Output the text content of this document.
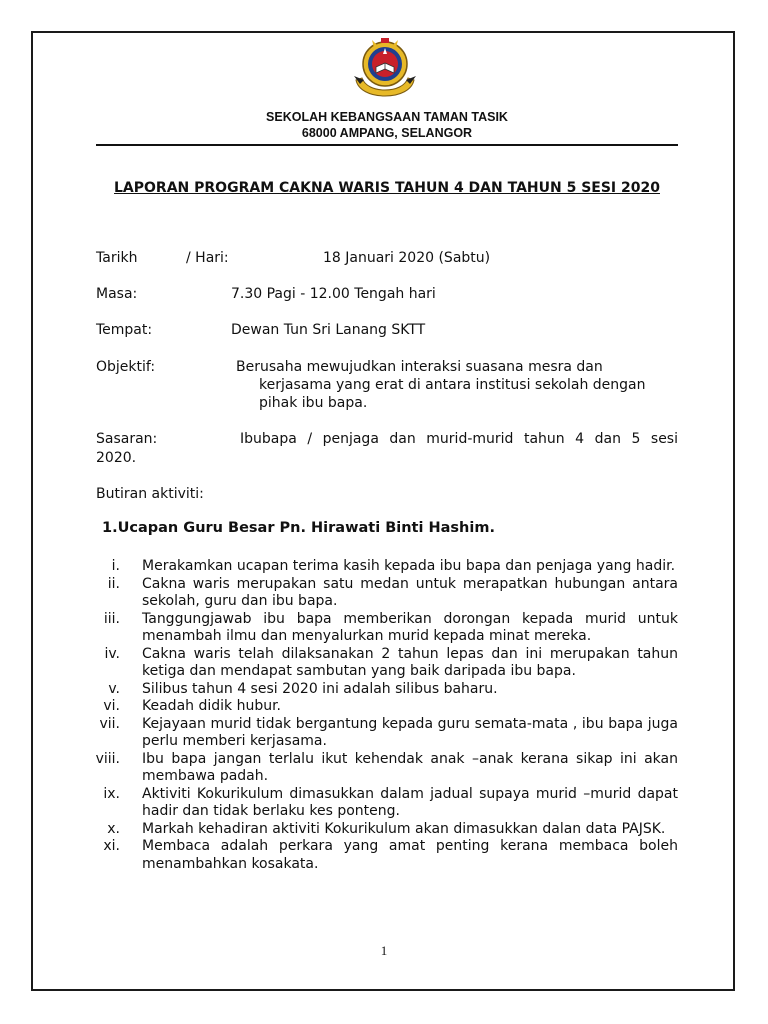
SEKOLAH KEBANGSAAN TAMAN TASIK
68000 AMPANG, SELANGOR
LAPORAN PROGRAM CAKNA WARIS TAHUN 4 DAN TAHUN 5 SESI 2020
Tarikh	/ Hari:	18 Januari 2020 (Sabtu)
Masa:	7.30 Pagi - 12.00 Tengah hari
Tempat:	Dewan Tun Sri Lanang SKTT
Objektif:	Berusaha mewujudkan interaksi suasana mesra dan
kerjasama yang erat di antara institusi sekolah dengan
pihak ibu bapa.
Sasaran:	Ibubapa / penjaga dan murid-murid tahun 4 dan 5 sesi
2020.
Butiran aktiviti:
1.Ucapan Guru Besar Pn. Hirawati Binti Hashim.
i. Merakamkan ucapan terima kasih kepada ibu bapa dan penjaga yang hadir.
ii. Cakna waris merupakan satu medan untuk merapatkan hubungan antara sekolah, guru dan ibu bapa.
iii. Tanggungjawab ibu bapa memberikan dorongan kepada murid untuk menambah ilmu dan menyalurkan murid kepada minat mereka.
iv. Cakna waris telah dilaksanakan 2 tahun lepas dan ini merupakan tahun ketiga dan mendapat sambutan yang baik daripada ibu bapa.
v. Silibus tahun 4 sesi 2020 ini adalah silibus baharu.
vi. Keadah didik hubur.
vii. Kejayaan murid tidak bergantung kepada guru semata-mata , ibu bapa juga perlu memberi kerjasama.
viii. Ibu bapa jangan terlalu ikut kehendak anak –anak kerana sikap ini akan membawa padah.
ix. Aktiviti Kokurikulum dimasukkan dalam jadual supaya murid –murid dapat hadir dan tidak berlaku kes ponteng.
x. Markah kehadiran aktiviti Kokurikulum akan dimasukkan dalan data PAJSK.
xi. Membaca adalah perkara yang amat penting kerana membaca boleh menambahkan kosakata.
1
